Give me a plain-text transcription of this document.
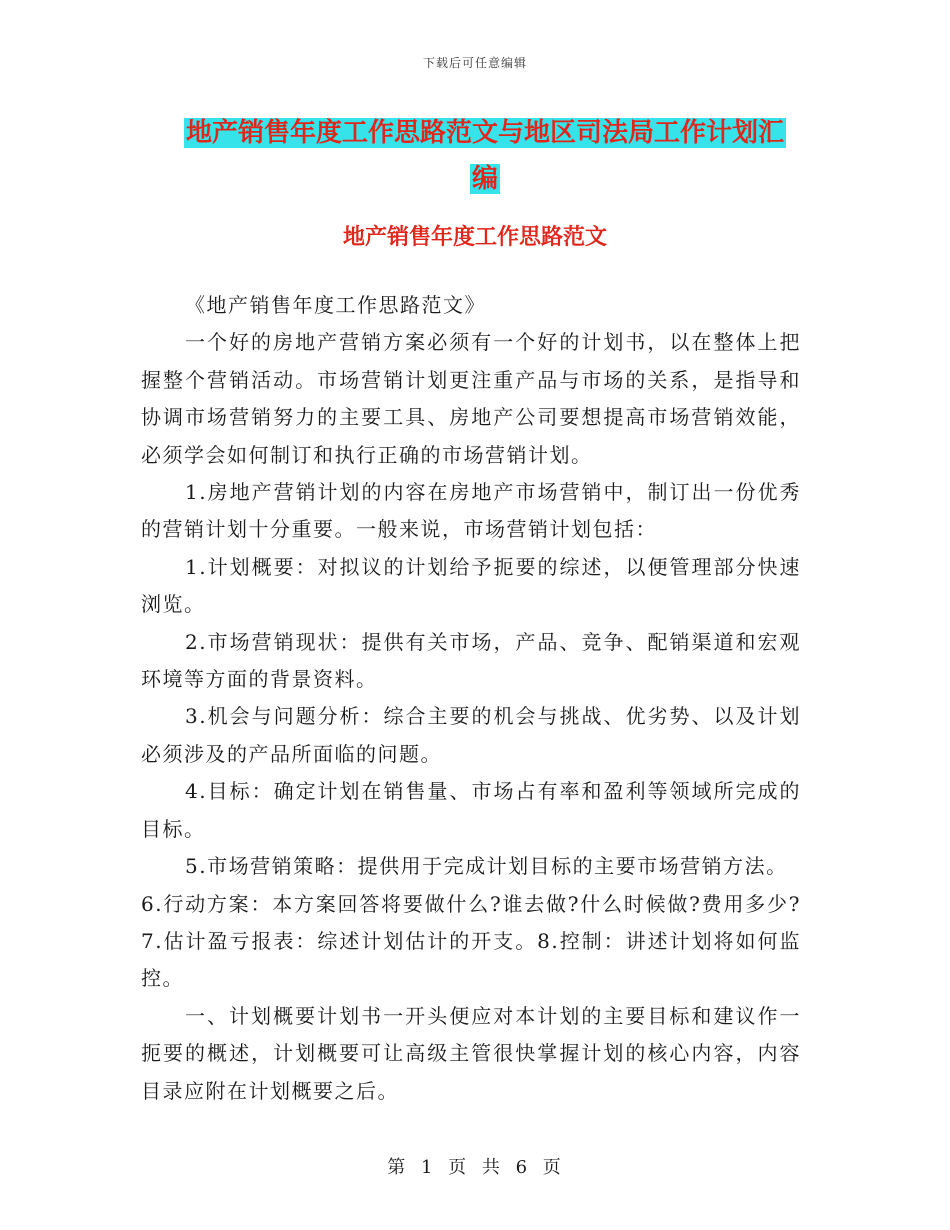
下载后可任意编辑
地产销售年度工作思路范文与地区司法局工作计划汇
编
地产销售年度工作思路范文

《地产销售年度工作思路范文》

一个好的房地产营销方案必须有一个好的计划书，以在整体上把握整个营销活动。市场营销计划更注重产品与市场的关系，是指导和协调市场营销努力的主要工具、房地产公司要想提高市场营销效能，必须学会如何制订和执行正确的市场营销计划。

1.房地产营销计划的内容在房地产市场营销中，制订出一份优秀的营销计划十分重要。一般来说，市场营销计划包括：

1.计划概要：对拟议的计划给予扼要的综述，以便管理部分快速浏览。

2.市场营销现状：提供有关市场，产品、竞争、配销渠道和宏观环境等方面的背景资料。

3.机会与问题分析：综合主要的机会与挑战、优劣势、以及计划必须涉及的产品所面临的问题。

4.目标：确定计划在销售量、市场占有率和盈利等领域所完成的目标。

5.市场营销策略：提供用于完成计划目标的主要市场营销方法。

6.行动方案：本方案回答将要做什么?谁去做?什么时候做?费用多少?7.估计盈亏报表：综述计划估计的开支。8.控制：讲述计划将如何监控。

一、计划概要计划书一开头便应对本计划的主要目标和建议作一扼要的概述，计划概要可让高级主管很快掌握计划的核心内容，内容目录应附在计划概要之后。

第 1 页 共 6 页
